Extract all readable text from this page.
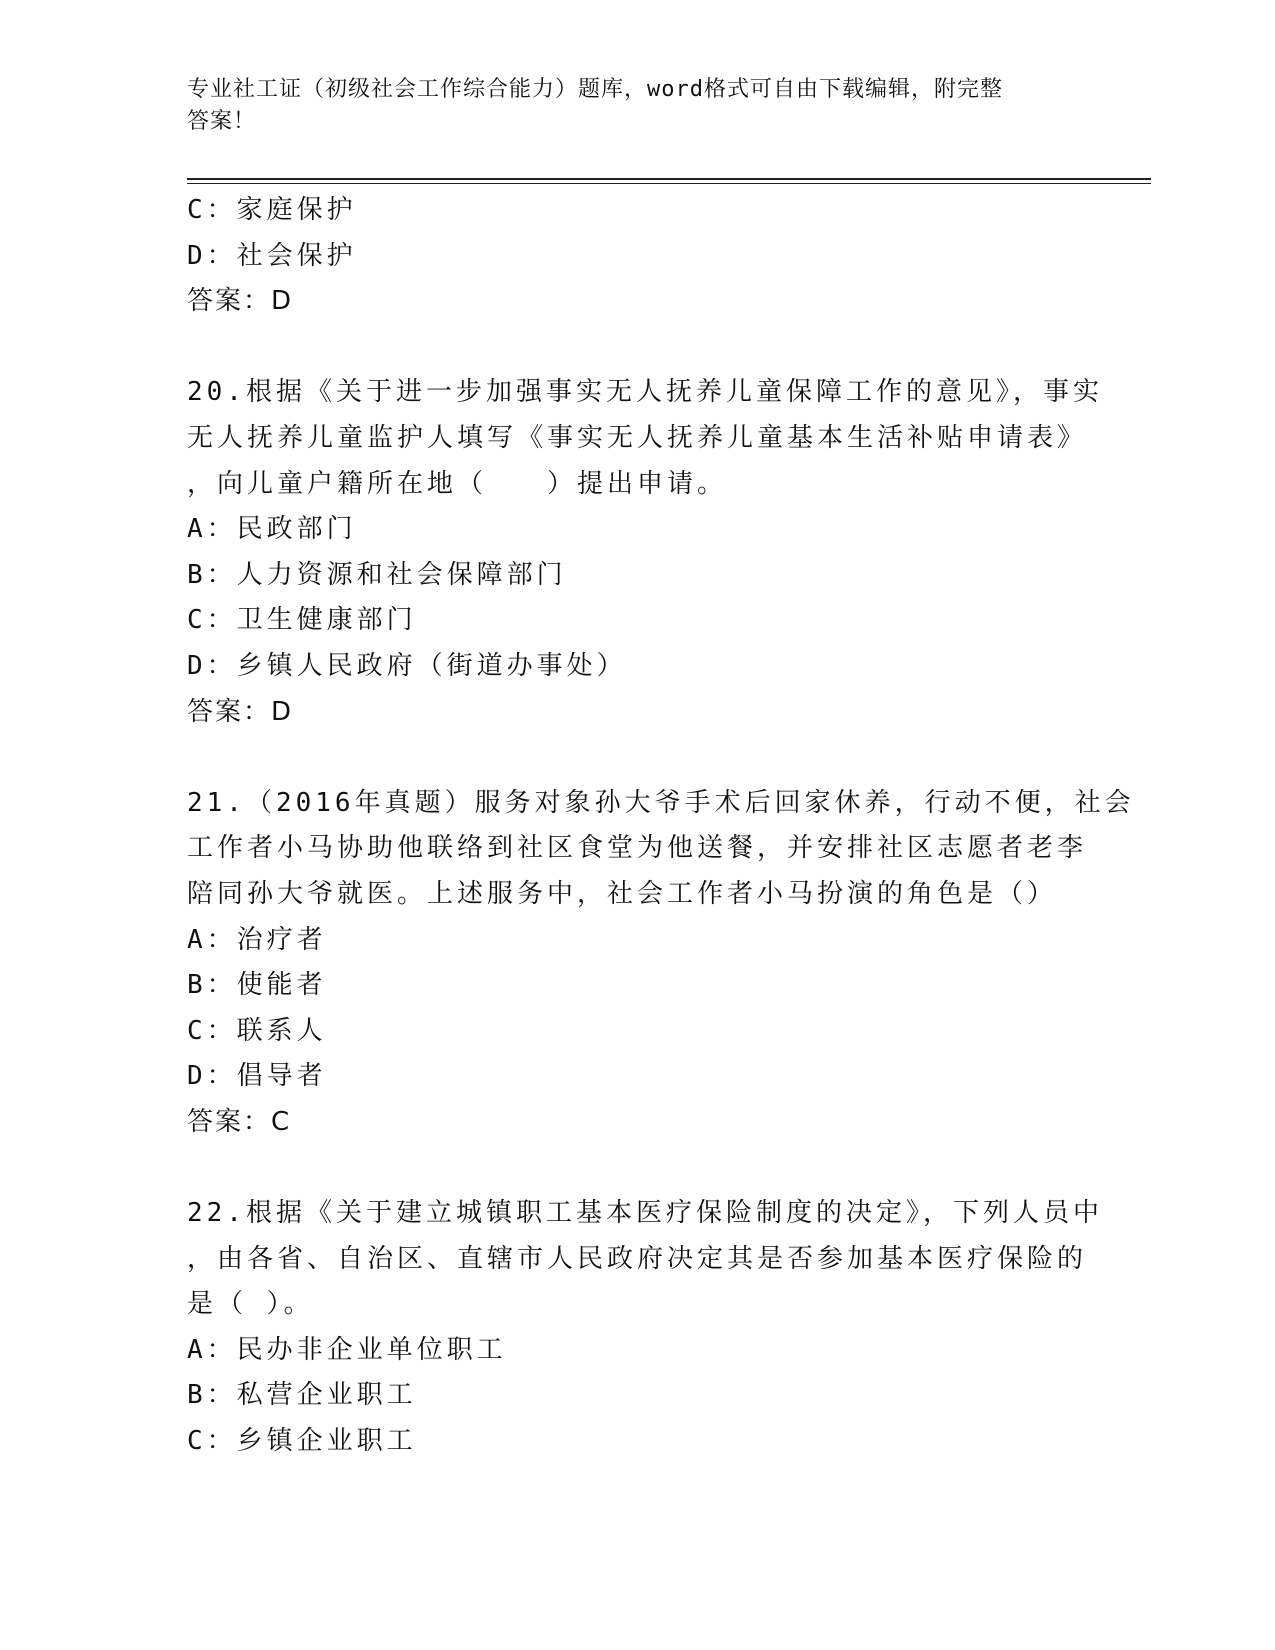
专业社工证（初级社会工作综合能力）题库，word格式可自由下载编辑，附完整
答案！
C：家庭保护
D：社会保护
答案：D
20.根据《关于进一步加强事实无人抚养儿童保障工作的意见》，事实
无人抚养儿童监护人填写《事实无人抚养儿童基本生活补贴申请表》
，向儿童户籍所在地（　　）提出申请。
A：民政部门
B：人力资源和社会保障部门
C：卫生健康部门
D：乡镇人民政府（街道办事处）
答案：D
21.（2016年真题）服务对象孙大爷手术后回家休养，行动不便，社会
工作者小马协助他联络到社区食堂为他送餐，并安排社区志愿者老李
陪同孙大爷就医。上述服务中，社会工作者小马扮演的角色是（）
A：治疗者
B：使能者
C：联系人
D：倡导者
答案：C
22.根据《关于建立城镇职工基本医疗保险制度的决定》，下列人员中
，由各省、自治区、直辖市人民政府决定其是否参加基本医疗保险的
是（ ）。
A：民办非企业单位职工
B：私营企业职工
C：乡镇企业职工
